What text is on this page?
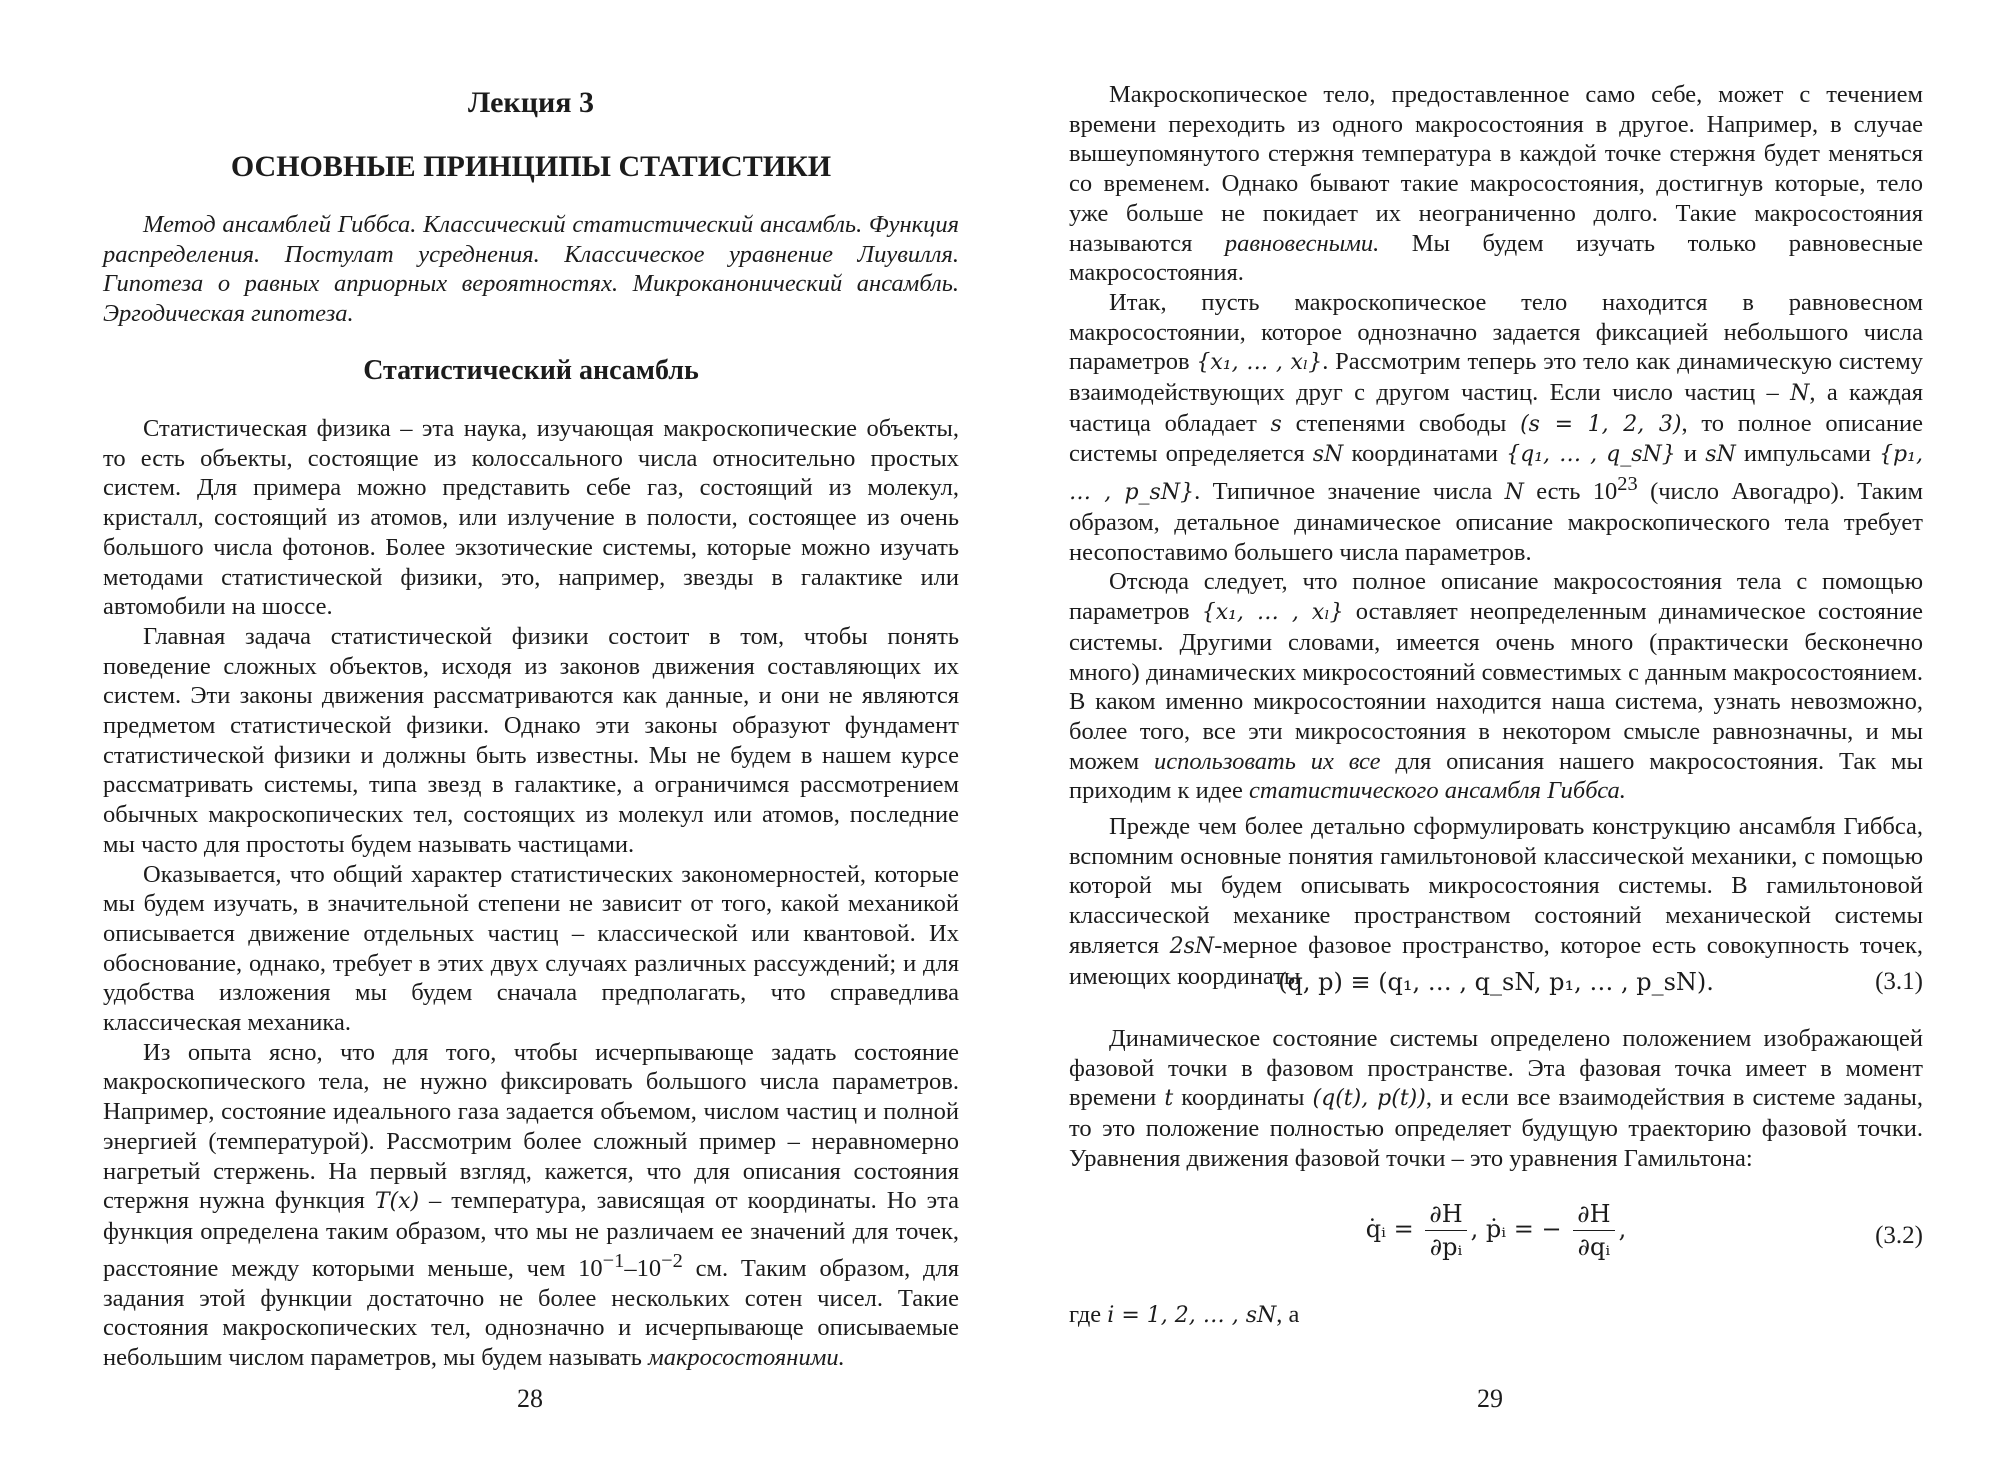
Лекция 3
ОСНОВНЫЕ ПРИНЦИПЫ СТАТИСТИКИ

Метод ансамблей Гиббса. Классический статистический ансамбль. Функция распределения. Постулат усреднения. Классическое уравнение Лиувилля. Гипотеза о равных априорных вероятностях. Микроканонический ансамбль. Эргодическая гипотеза.

Статистический ансамбль

Статистическая физика – эта наука, изучающая макроскопические объекты, то есть объекты, состоящие из колоссального числа относительно простых систем. Для примера можно представить себе газ, состоящий из молекул, кристалл, состоящий из атомов, или излучение в полости, состоящее из очень большого числа фотонов. Более экзотические системы, которые можно изучать методами статистической физики, это, например, звезды в галактике или автомобили на шоссе.

Главная задача статистической физики состоит в том, чтобы понять поведение сложных объектов, исходя из законов движения составляющих их систем. Эти законы движения рассматриваются как данные, и они не являются предметом статистической физики. Однако эти законы образуют фундамент статистической физики и должны быть известны. Мы не будем в нашем курсе рассматривать системы, типа звезд в галактике, а ограничимся рассмотрением обычных макроскопических тел, состоящих из молекул или атомов, последние мы часто для простоты будем называть частицами.

Оказывается, что общий характер статистических закономерностей, которые мы будем изучать, в значительной степени не зависит от того, какой механикой описывается движение отдельных частиц – классической или квантовой. Их обоснование, однако, требует в этих двух случаях различных рассуждений; и для удобства изложения мы будем сначала предполагать, что справедлива классическая механика.

Из опыта ясно, что для того, чтобы исчерпывающе задать состояние макроскопического тела, не нужно фиксировать большого числа параметров. Например, состояние идеального газа задается объемом, числом частиц и полной энергией (температурой). Рассмотрим более сложный пример – неравномерно нагретый стержень. На первый взгляд, кажется, что для описания состояния стержня нужна функция T(x) – температура, зависящая от координаты. Но эта функция определена таким образом, что мы не различаем ее значений для точек, расстояние между которыми меньше, чем $10^{-1}-10^{-2}$ см. Таким образом, для задания этой функции достаточно не более нескольких сотен чисел. Такие состояния макроскопических тел, однозначно и исчерпывающе описываемые небольшим числом параметров, мы будем называть макросостояними.

28

Макроскопическое тело, предоставленное само себе, может с течением времени переходить из одного макросостояния в другое. Например, в случае вышеупомянутого стержня температура в каждой точке стержня будет меняться со временем. Однако бывают такие макросостояния, достигнув которые, тело уже больше не покидает их неограниченно долго. Такие макросостояния называются равновесными. Мы будем изучать только равновесные макросостояния.

Итак, пусть макроскопическое тело находится в равновесном макросостоянии, которое однозначно задается фиксацией небольшого числа параметров {x₁, … , xₗ}. Рассмотрим теперь это тело как динамическую систему взаимодействующих друг с другом частиц. Если число частиц – N, а каждая частица обладает s степенями свободы (s = 1, 2, 3), то полное описание системы определяется sN координатами {q₁, … , q_sN} и sN импульсами {p₁, … , p_sN}. Типичное значение числа N есть $10^{23}$ (число Авогадро). Таким образом, детальное динамическое описание макроскопического тела требует несопоставимо большего числа параметров.

Отсюда следует, что полное описание макросостояния тела с помощью параметров {x₁, … , xₗ} оставляет неопределенным динамическое состояние системы. Другими словами, имеется очень много (практически бесконечно много) динамических микросостояний совместимых с данным макросостоянием. В каком именно микросостоянии находится наша система, узнать невозможно, более того, все эти микросостояния в некотором смысле равнозначны, и мы можем использовать их все для описания нашего макросостояния. Так мы приходим к идее статистического ансамбля Гиббса.

Прежде чем более детально сформулировать конструкцию ансамбля Гиббса, вспомним основные понятия гамильтоновой классической механики, с помощью которой мы будем описывать микросостояния системы. В гамильтоновой классической механике пространством состояний механической системы является 2sN-мерное фазовое пространство, которое есть совокупность точек, имеющих координаты

(q, p) ≡ (q₁, … , q_sN, p₁, … , p_sN).	(3.1)

Динамическое состояние системы определено положением изображающей фазовой точки в фазовом пространстве. Эта фазовая точка имеет в момент времени t координаты (q(t), p(t)), и если все взаимодействия в системе заданы, то это положение полностью определяет будущую траекторию фазовой точки. Уравнения движения фазовой точки – это уравнения Гамильтона:

q̇ᵢ = $\frac{\partial H}{\text{∂pᵢ}}$ , ṗᵢ = − $\frac{\partial H}{\text{∂qᵢ}}$ ,	(3.2)

где i = 1, 2, … , sN, а

29
